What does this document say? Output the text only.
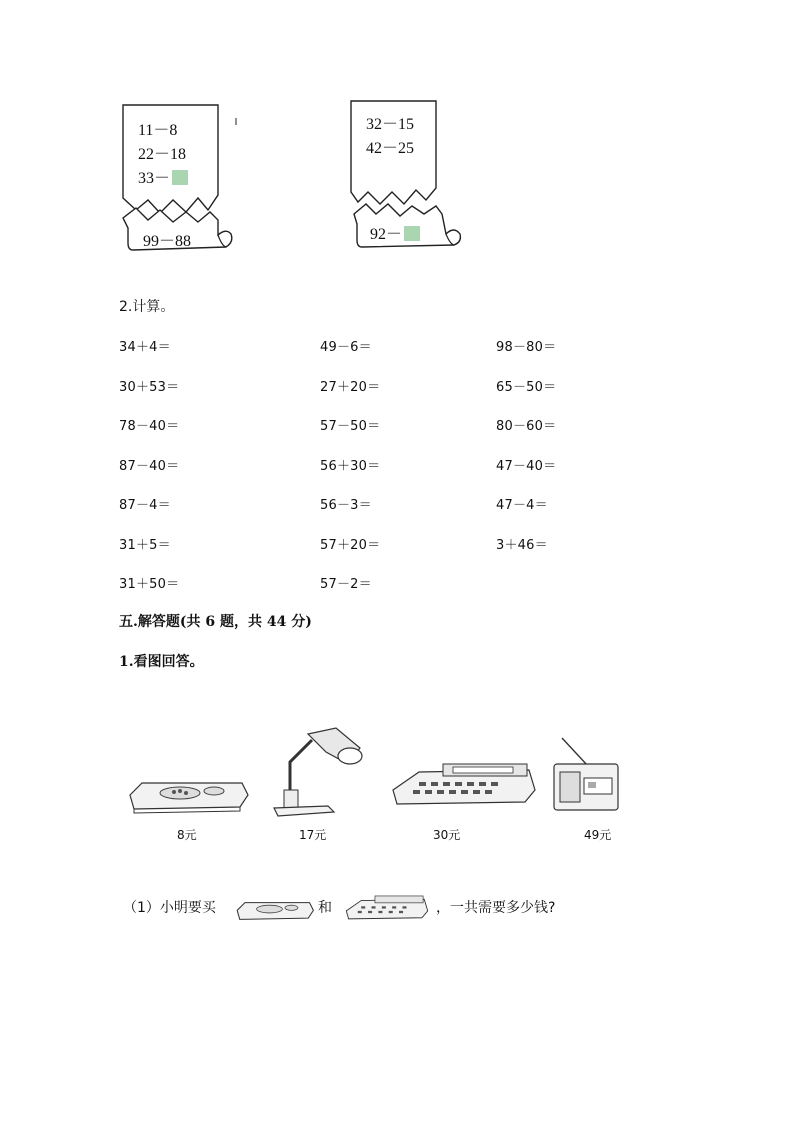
11－8
22－18
33－
99－88
32－15
42－25
92－
2.计算。
34＋4＝	49－6＝	98－80＝
30＋53＝	27＋20＝	65－50＝
78－40＝	57－50＝	80－60＝
87－40＝	56＋30＝	47－40＝
87－4＝	56－3＝	47－4＝
31＋5＝	57＋20＝	3＋46＝
31＋50＝	57－2＝
五.解答题(共 6 题，共 44 分)
1.看图回答。
8元	17元	30元	49元
（1）小明要买	和	，一共需要多少钱?
